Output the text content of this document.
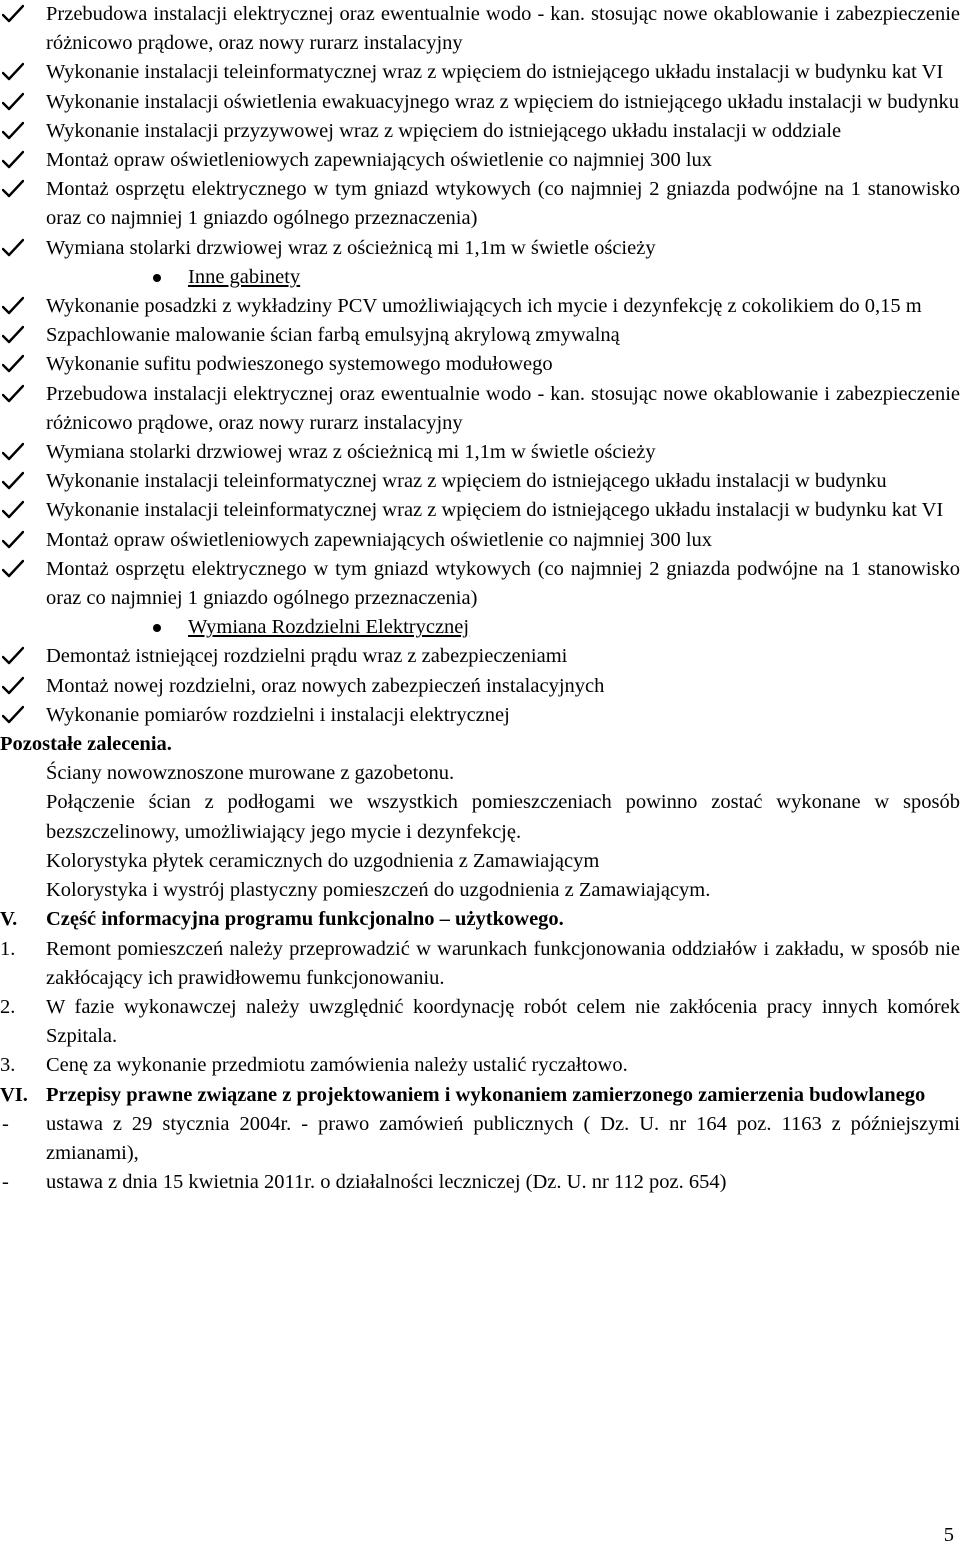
Przebudowa instalacji elektrycznej oraz ewentualnie wodo - kan. stosując nowe okablowanie i zabezpieczenie różnicowo prądowe, oraz nowy rurarz instalacyjny
Wykonanie instalacji teleinformatycznej wraz z wpięciem do istniejącego układu instalacji w budynku kat VI
Wykonanie instalacji oświetlenia ewakuacyjnego wraz z wpięciem do istniejącego układu instalacji w budynku
Wykonanie instalacji przyzywowej wraz z wpięciem do istniejącego układu instalacji w oddziale
Montaż opraw oświetleniowych zapewniających oświetlenie co najmniej 300 lux
Montaż osprzętu elektrycznego w tym gniazd wtykowych (co najmniej 2 gniazda podwójne na 1 stanowisko oraz co najmniej 1 gniazdo ogólnego przeznaczenia)
Wymiana stolarki drzwiowej wraz z ościeżnicą mi 1,1m w świetle ościeży
Inne gabinety
Wykonanie posadzki z wykładziny PCV umożliwiających ich mycie i dezynfekcję z cokolikiem do 0,15 m
Szpachlowanie malowanie ścian farbą emulsyjną akrylową zmywalną
Wykonanie sufitu podwieszonego systemowego modułowego
Przebudowa instalacji elektrycznej oraz ewentualnie wodo - kan. stosując nowe okablowanie i zabezpieczenie różnicowo prądowe, oraz nowy rurarz instalacyjny
Wymiana stolarki drzwiowej wraz z ościeżnicą mi 1,1m w świetle ościeży
Wykonanie instalacji teleinformatycznej wraz z wpięciem do istniejącego układu instalacji w budynku
Wykonanie instalacji teleinformatycznej wraz z wpięciem do istniejącego układu instalacji w budynku kat VI
Montaż opraw oświetleniowych zapewniających oświetlenie co najmniej 300 lux
Montaż osprzętu elektrycznego w tym gniazd wtykowych (co najmniej 2 gniazda podwójne na 1 stanowisko oraz co najmniej 1 gniazdo ogólnego przeznaczenia)
Wymiana Rozdzielni Elektrycznej
Demontaż istniejącej rozdzielni prądu wraz z zabezpieczeniami
Montaż nowej rozdzielni, oraz nowych zabezpieczeń instalacyjnych
Wykonanie pomiarów rozdzielni i instalacji elektrycznej
Pozostałe zalecenia.
Ściany nowowznoszone murowane z gazobetonu.
Połączenie ścian z podłogami we wszystkich pomieszczeniach powinno zostać wykonane w sposób bezszczelinowy, umożliwiający jego mycie i dezynfekcję.
Kolorystyka płytek ceramicznych do uzgodnienia z Zamawiającym
Kolorystyka i wystrój plastyczny pomieszczeń do uzgodnienia z Zamawiającym.
V. Część informacyjna programu funkcjonalno – użytkowego.
1. Remont pomieszczeń należy przeprowadzić w warunkach funkcjonowania oddziałów i zakładu, w sposób nie zakłócający ich prawidłowemu funkcjonowaniu.
2. W fazie wykonawczej należy uwzględnić koordynację robót celem nie zakłócenia pracy innych komórek Szpitala.
3. Cenę za wykonanie przedmiotu zamówienia należy ustalić ryczałtowo.
VI. Przepisy prawne związane z projektowaniem i wykonaniem zamierzonego zamierzenia budowlanego
- ustawa z 29 stycznia 2004r. - prawo zamówień publicznych ( Dz. U. nr 164 poz. 1163 z późniejszymi zmianami),
- ustawa z dnia 15 kwietnia 2011r. o działalności leczniczej (Dz. U. nr 112 poz. 654)
5
